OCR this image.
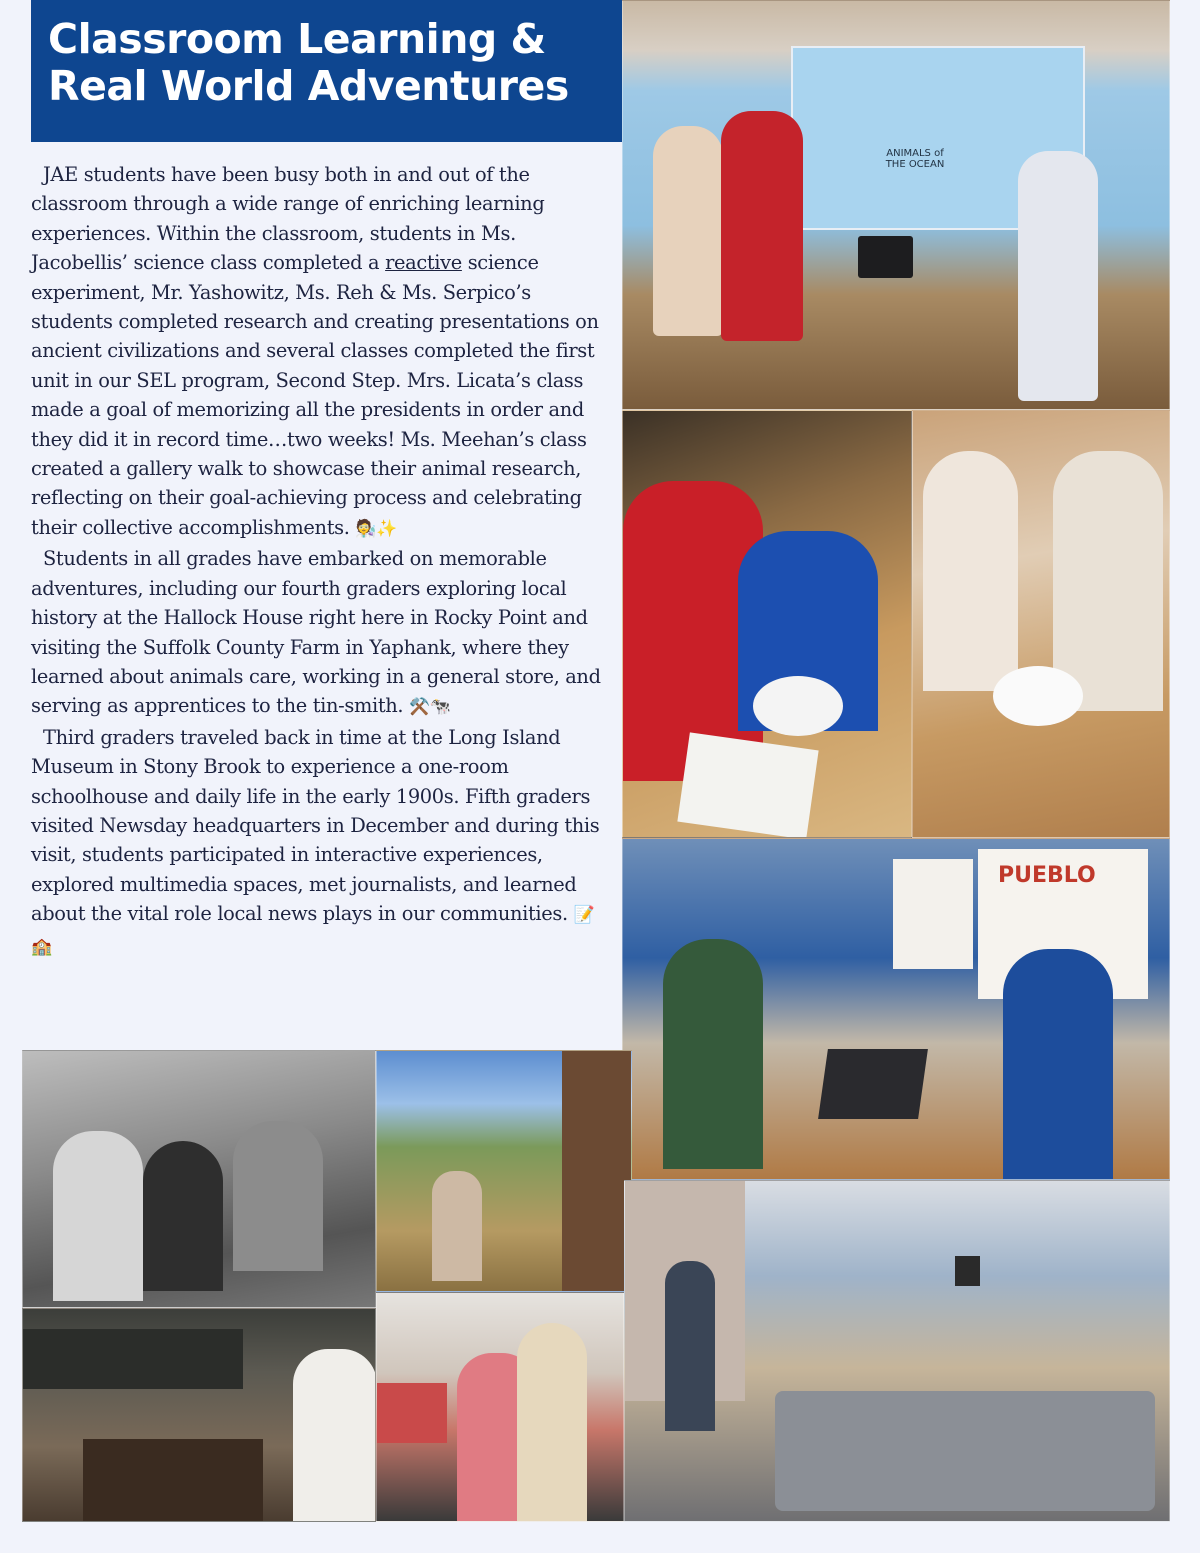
Classroom Learning &
Real World Adventures

JAE students have been busy both in and out of the classroom through a wide range of enriching learning experiences. Within the classroom, students in Ms. Jacobellis’ science class completed a reactive science experiment, Mr. Yashowitz, Ms. Reh & Ms. Serpico’s students completed research and creating presentations on ancient civilizations and several classes completed the first unit in our SEL program, Second Step. Mrs. Licata’s class made a goal of memorizing all the presidents in order and they did it in record time…two weeks! Ms. Meehan’s class created a gallery walk to showcase their animal research, reflecting on their goal-achieving process and celebrating their collective accomplishments. 🧑‍🔬✨

Students in all grades have embarked on memorable adventures, including our fourth graders exploring local history at the Hallock House right here in Rocky Point and visiting the Suffolk County Farm in Yaphank, where they learned about animals care, working in a general store, and serving as apprentices to the tin-smith. ⚒️🐄

Third graders traveled back in time at the Long Island Museum in Stony Brook to experience a one-room schoolhouse and daily life in the early 1900s. Fifth graders visited Newsday headquarters in December and during this visit, students participated in interactive experiences, explored multimedia spaces, met journalists, and learned about the vital role local news plays in our communities. 📝🏫

ANIMALS of THE OCEAN
PUEBLO
